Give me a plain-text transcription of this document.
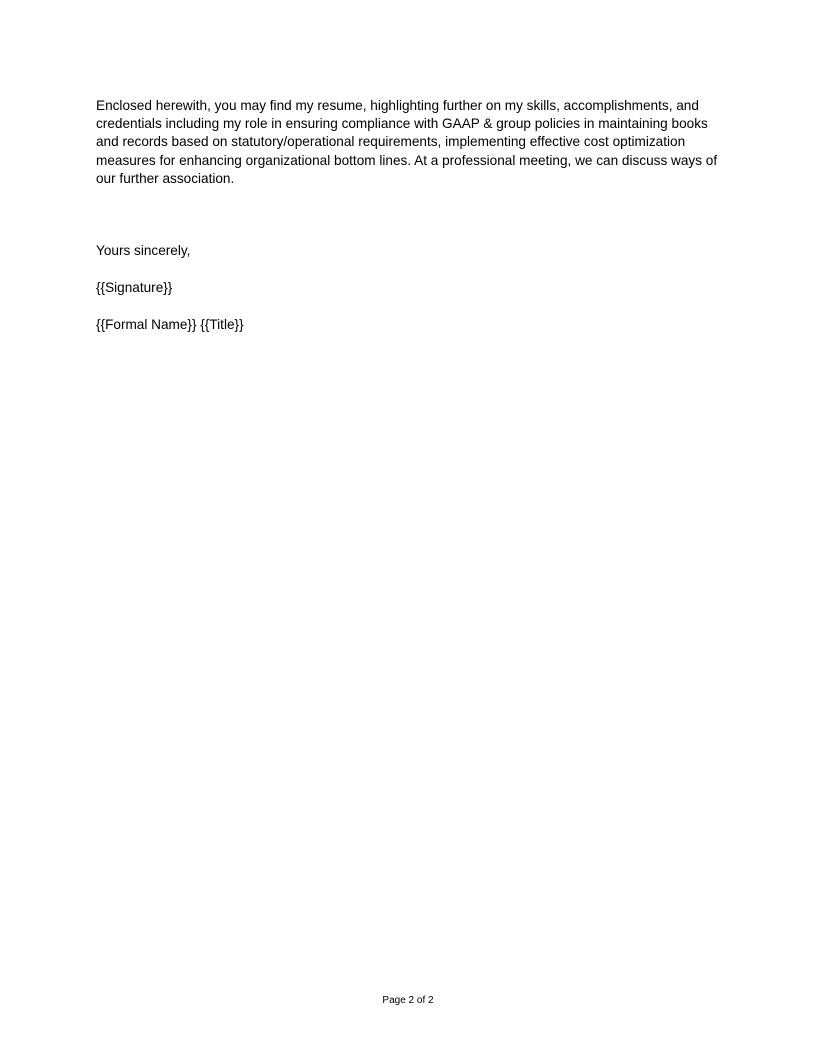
Enclosed herewith, you may find my resume, highlighting further on my skills, accomplishments, and credentials including my role in ensuring compliance with GAAP & group policies in maintaining books and records based on statutory/operational requirements, implementing effective cost optimization measures for enhancing organizational bottom lines. At a professional meeting, we can discuss ways of our further association.

Yours sincerely,

{{Signature}}

{{Formal Name}} {{Title}}

Page 2 of 2
